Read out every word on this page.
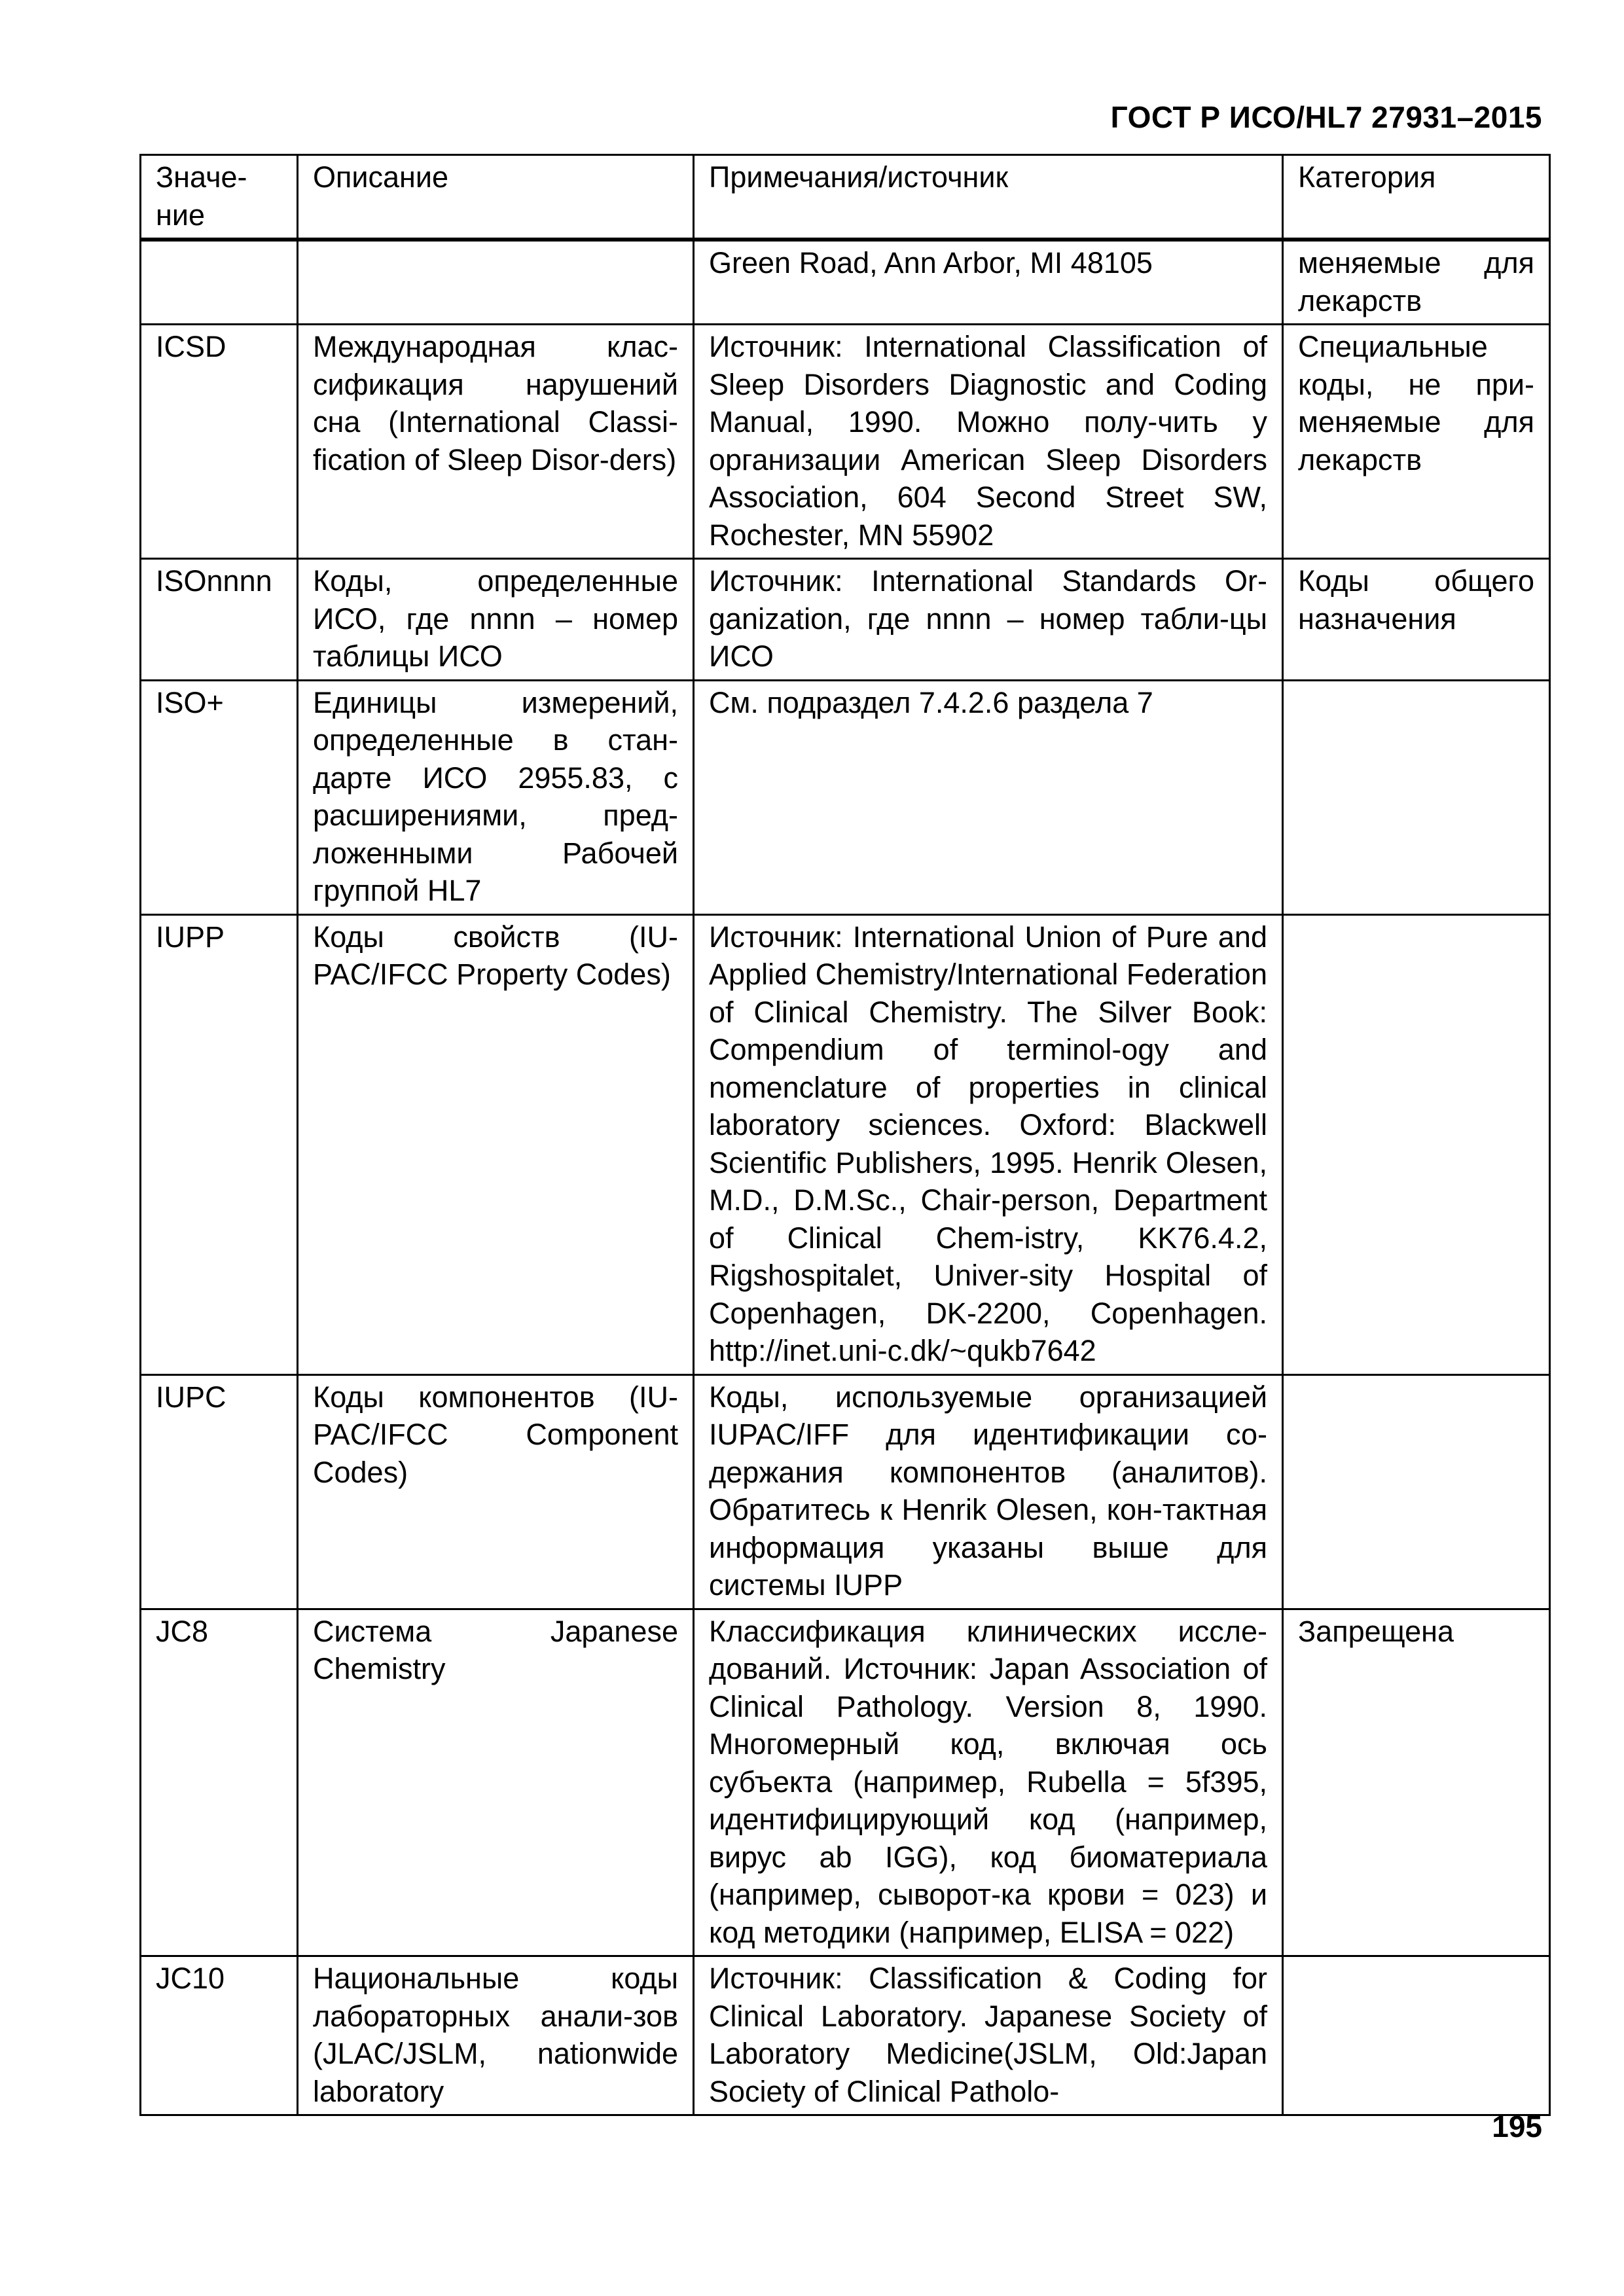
ГОСТ Р ИСО/HL7 27931–2015
Значе-ние	Описание	Примечания/источник	Категория
		Green Road, Ann Arbor, MI 48105	меняемые для лекарств
ICSD	Международная клас-сификация нарушений сна (International Classi-fication of Sleep Disor-ders)	Источник: International Classification of Sleep Disorders Diagnostic and Coding Manual, 1990. Можно полу-чить у организации American Sleep Disorders Association, 604 Second Street SW, Rochester, MN 55902	Специальные коды, не при-меняемые для лекарств
ISOnnnn	Коды, определенные ИСО, где nnnn – номер таблицы ИСО	Источник: International Standards Or-ganization, где nnnn – номер табли-цы ИСО	Коды общего назначения
ISO+	Единицы измерений, определенные в стан-дарте ИСО 2955.83, с расширениями, пред-ложенными Рабочей группой HL7	См. подраздел 7.4.2.6 раздела 7	
IUPP	Коды свойств (IU-PAC/IFCC Property Codes)	Источник: International Union of Pure and Applied Chemistry/International Federation of Clinical Chemistry. The Silver Book: Compendium of terminol-ogy and nomenclature of properties in clinical laboratory sciences. Oxford: Blackwell Scientific Publishers, 1995. Henrik Olesen, M.D., D.M.Sc., Chair-person, Department of Clinical Chem-istry, KK76.4.2, Rigshospitalet, Univer-sity Hospital of Copenhagen, DK-2200, Copenhagen. http://inet.uni-c.dk/~qukb7642	
IUPC	Коды компонентов (IU-PAC/IFCC Component Codes)	Коды, используемые организацией IUPAC/IFF для идентификации со-держания компонентов (аналитов). Обратитесь к Henrik Olesen, кон-тактная информация указаны выше для системы IUPP	
JC8	Система Japanese Chemistry	Классификация клинических иссле-дований. Источник: Japan Association of Clinical Pathology. Version 8, 1990. Многомерный код, включая ось субъекта (например, Rubella = 5f395, идентифицирующий код (например, вирус ab IGG), код биоматериала (например, сыворот-ка крови = 023) и код методики (например, ELISA = 022)	Запрещена
JC10	Национальные коды лабораторных анали-зов (JLAC/JSLM, nationwide laboratory	Источник: Classification & Coding for Clinical Laboratory. Japanese Society of Laboratory Medicine(JSLM, Old:Japan Society of Clinical Patholo-	
195
